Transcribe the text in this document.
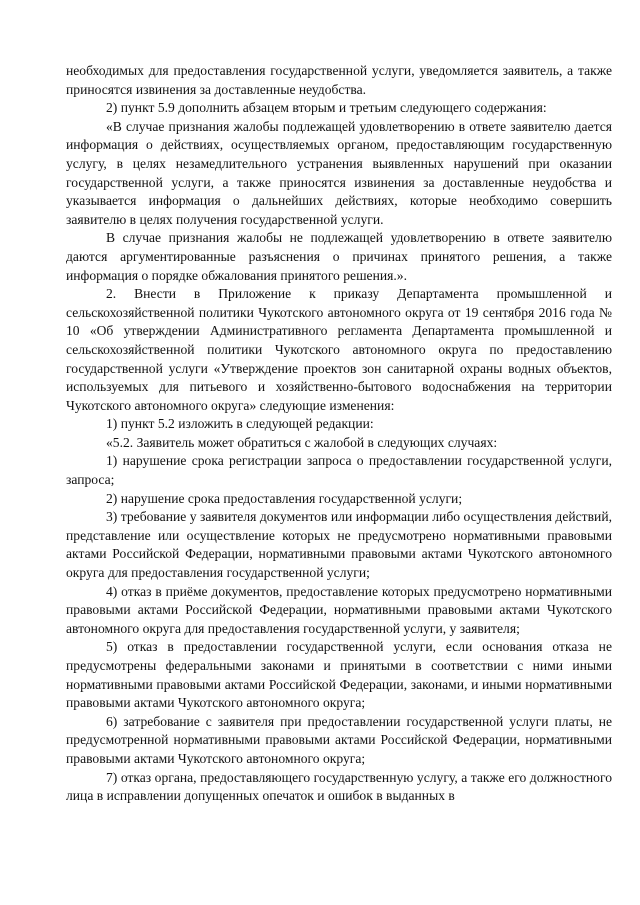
необходимых для предоставления государственной услуги, уведомляется заявитель, а также приносятся извинения за доставленные неудобства.

2) пункт 5.9 дополнить абзацем вторым и третьим следующего содержания:

«В случае признания жалобы подлежащей удовлетворению в ответе заявителю дается информация о действиях, осуществляемых органом, предоставляющим государственную услугу, в целях незамедлительного устранения выявленных нарушений при оказании государственной услуги, а также приносятся извинения за доставленные неудобства и указывается информация о дальнейших действиях, которые необходимо совершить заявителю в целях получения государственной услуги.

В случае признания жалобы не подлежащей удовлетворению в ответе заявителю даются аргументированные разъяснения о причинах принятого решения, а также информация о порядке обжалования принятого решения.».

2. Внести в Приложение к приказу Департамента промышленной и сельскохозяйственной политики Чукотского автономного округа от 19 сентября 2016 года № 10 «Об утверждении Административного регламента Департамента промышленной и сельскохозяйственной политики Чукотского автономного округа по предоставлению государственной услуги «Утверждение проектов зон санитарной охраны водных объектов, используемых для питьевого и хозяйственно-бытового водоснабжения на территории Чукотского автономного округа» следующие изменения:

1) пункт 5.2 изложить в следующей редакции:

«5.2. Заявитель может обратиться с жалобой в следующих случаях:

1) нарушение срока регистрации запроса о предоставлении государственной услуги, запроса;

2) нарушение срока предоставления государственной услуги;

3) требование у заявителя документов или информации либо осуществления действий, представление или осуществление которых не предусмотрено нормативными правовыми актами Российской Федерации, нормативными правовыми актами Чукотского автономного округа для предоставления государственной услуги;

4) отказ в приёме документов, предоставление которых предусмотрено нормативными правовыми актами Российской Федерации, нормативными правовыми актами Чукотского автономного округа для предоставления государственной услуги, у заявителя;

5) отказ в предоставлении государственной услуги, если основания отказа не предусмотрены федеральными законами и принятыми в соответствии с ними иными нормативными правовыми актами Российской Федерации, законами, и иными нормативными правовыми актами Чукотского автономного округа;

6) затребование с заявителя при предоставлении государственной услуги платы, не предусмотренной нормативными правовыми актами Российской Федерации, нормативными правовыми актами Чукотского автономного округа;

7) отказ органа, предоставляющего государственную услугу, а также его должностного лица в исправлении допущенных опечаток и ошибок в выданных в
